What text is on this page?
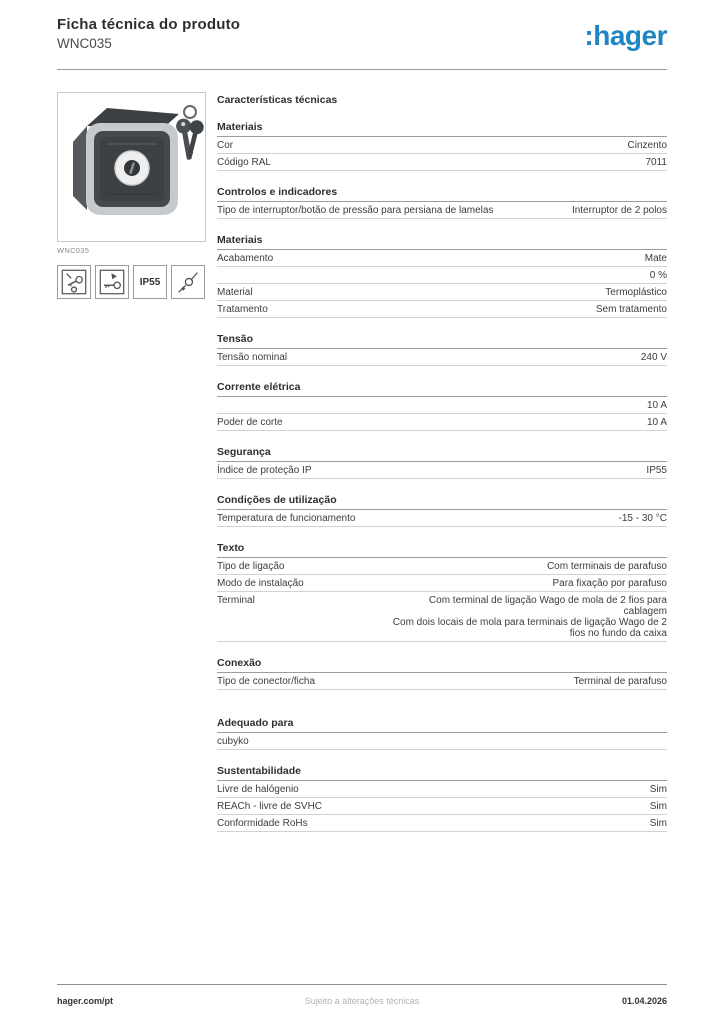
Ficha técnica do produto
WNC035	:hager
WNC035
IP55
Características técnicas
Materiais
Cor	Cinzento
Código RAL	7011
Controlos e indicadores
Tipo de interruptor/botão de pressão para persiana de lamelas	Interruptor de 2 polos
Materiais
Acabamento	Mate
0 %
Material	Termoplástico
Tratamento	Sem tratamento
Tensão
Tensão nominal	240 V
Corrente elétrica
10 A
Poder de corte	10 A
Segurança
Índice de proteção IP	IP55
Condições de utilização
Temperatura de funcionamento	-15 - 30 °C
Texto
Tipo de ligação	Com terminais de parafuso
Modo de instalação	Para fixação por parafuso
Terminal	Com terminal de ligação Wago de mola de 2 fios para cablagem
Com dois locais de mola para terminais de ligação Wago de 2 fios no fundo da caixa
Conexão
Tipo de conector/ficha	Terminal de parafuso
Adequado para
cubyko
Sustentabilidade
Livre de halógenio	Sim
REACh - livre de SVHC	Sim
Conformidade RoHs	Sim
hager.com/pt	Sujeito a alterações técnicas	01.04.2026
